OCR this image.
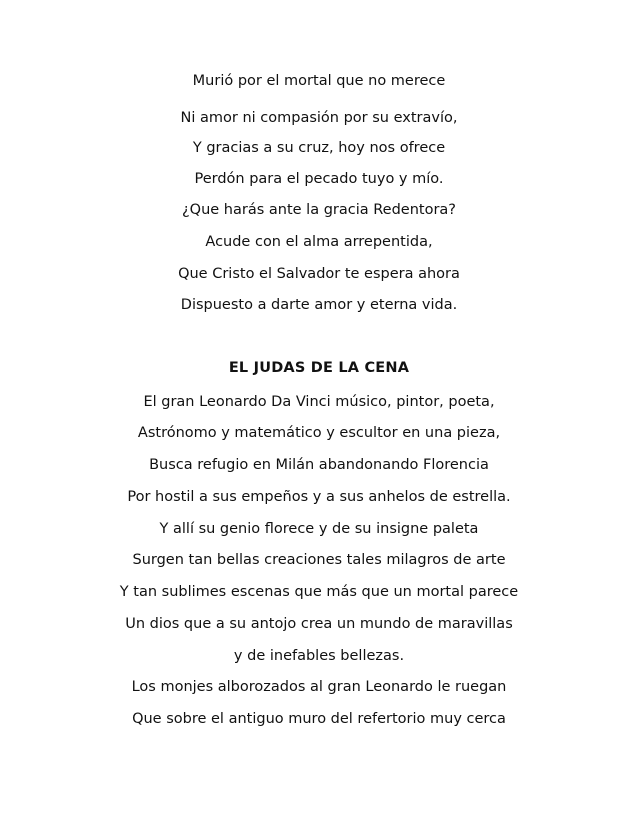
Murió por el mortal que no merece
Ni amor ni compasión por su extravío,
Y gracias a su cruz, hoy nos ofrece
Perdón para el pecado tuyo y mío.
¿Que harás ante la gracia Redentora?
Acude con el alma arrepentida,
Que Cristo el Salvador te espera ahora
Dispuesto a darte amor y eterna vida.
EL JUDAS DE LA CENA
El gran Leonardo Da Vinci músico, pintor, poeta,
Astrónomo y matemático y escultor en una pieza,
Busca refugio en Milán abandonando Florencia
Por hostil a sus empeños y a sus anhelos de estrella.
Y allí su genio florece y de su insigne paleta
Surgen tan bellas creaciones tales milagros de arte
Y tan sublimes escenas que más que un mortal parece
Un dios que a su antojo crea un mundo de maravillas
y de inefables bellezas.
Los monjes alborozados al gran Leonardo le ruegan
Que sobre el antiguo muro del refertorio muy cerca
